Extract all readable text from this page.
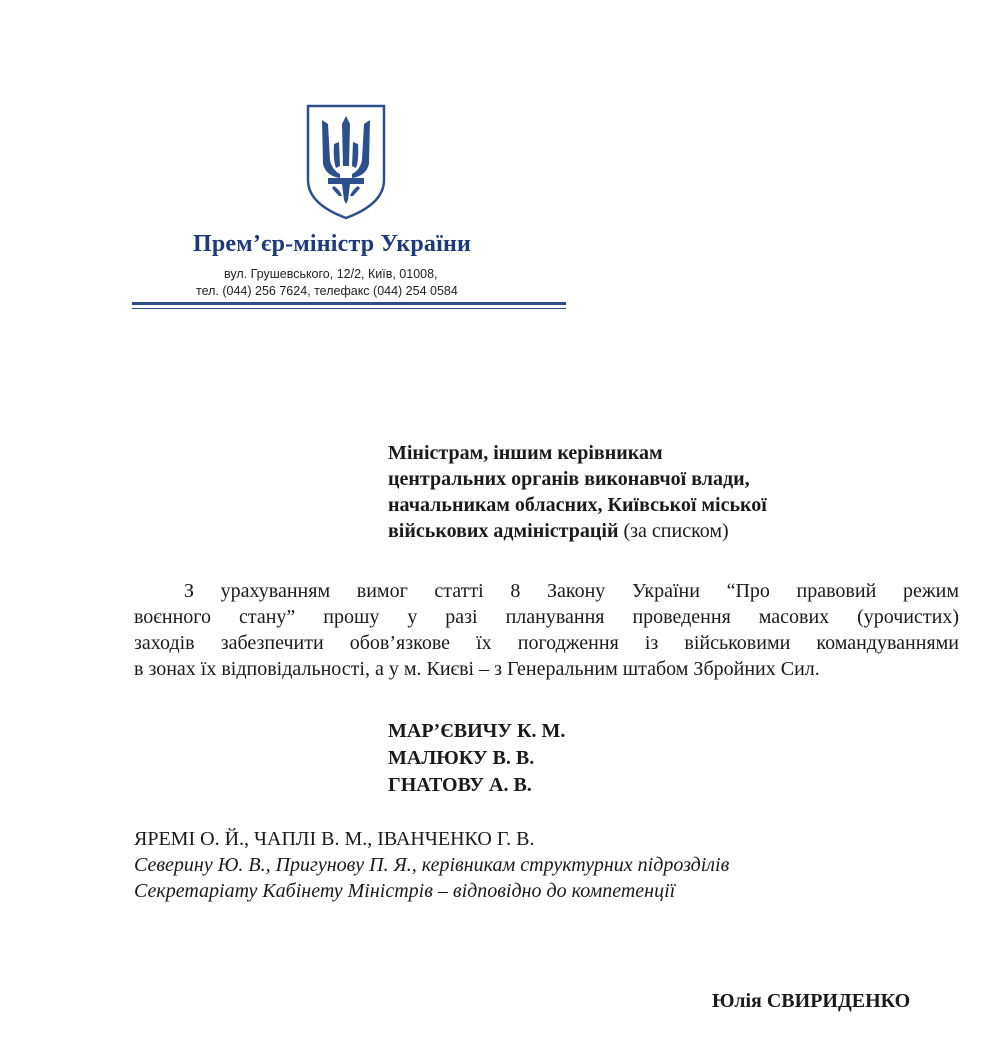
Прем’єр-міністр України
вул. Грушевського, 12/2, Київ, 01008,
тел. (044) 256 7624, телефакс (044) 254 0584
Міністрам, іншим керівникам
центральних органів виконавчої влади,
начальникам обласних, Київської міської
військових адміністрацій (за списком)
З урахуванням вимог статті 8 Закону України “Про правовий режим
воєнного стану” прошу у разі планування проведення масових (урочистих)
заходів забезпечити обов’язкове їх погодження із військовими командуваннями
в зонах їх відповідальності, а у м. Києві – з Генеральним штабом Збройних Сил.
МАР’ЄВИЧУ К. М.
МАЛЮКУ В. В.
ГНАТОВУ А. В.
ЯРЕМІ О. Й., ЧАПЛІ В. М., ІВАНЧЕНКО Г. В.
Северину Ю. В., Пригунову П. Я., керівникам структурних підрозділів
Секретаріату Кабінету Міністрів – відповідно до компетенції
Юлія СВИРИДЕНКО
